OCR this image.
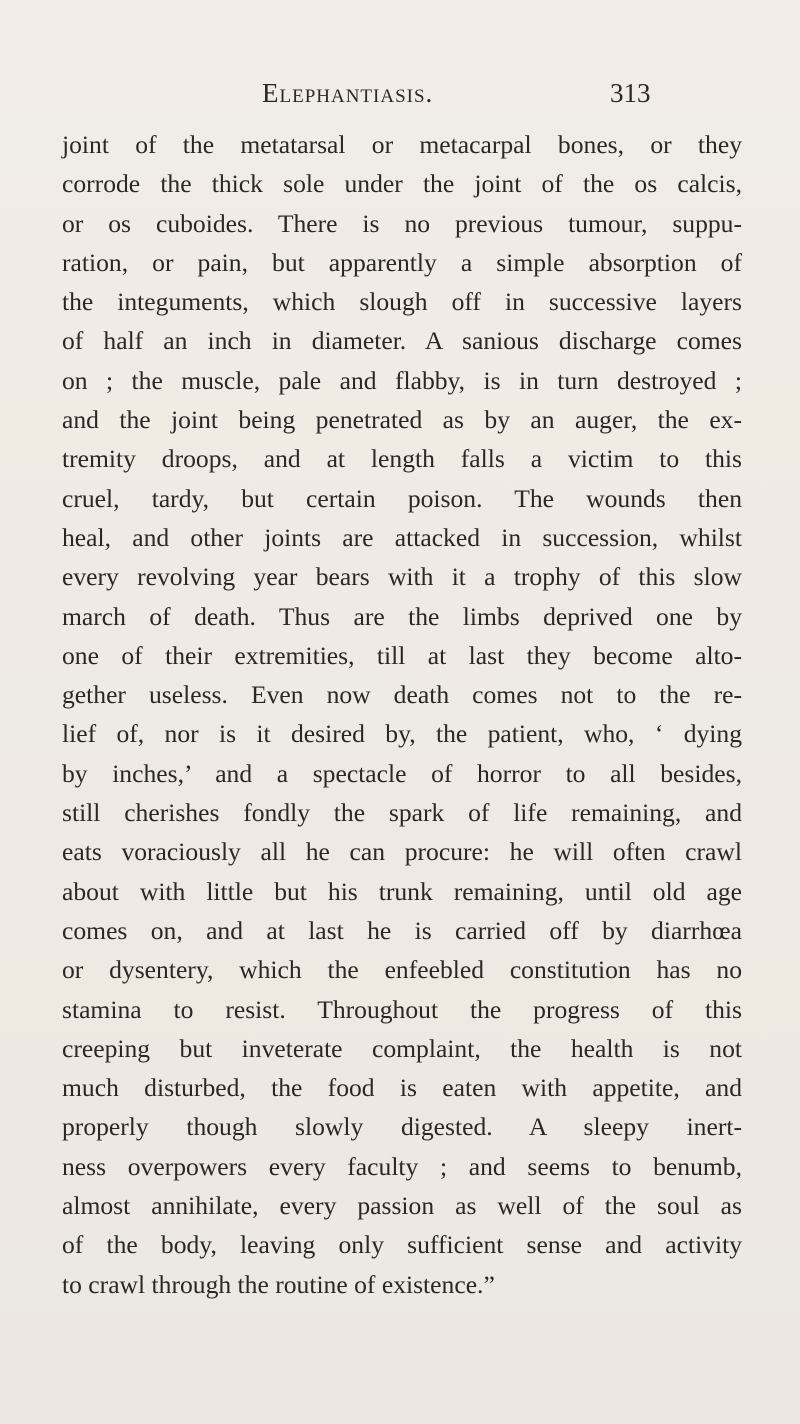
Elephantiasis.	313
joint of the metatarsal or metacarpal bones, or they
corrode the thick sole under the joint of the os calcis,
or os cuboides. There is no previous tumour, suppu-
ration, or pain, but apparently a simple absorption of
the integuments, which slough off in successive layers
of half an inch in diameter. A sanious discharge comes
on ; the muscle, pale and flabby, is in turn destroyed ;
and the joint being penetrated as by an auger, the ex-
tremity droops, and at length falls a victim to this
cruel, tardy, but certain poison. The wounds then
heal, and other joints are attacked in succession, whilst
every revolving year bears with it a trophy of this slow
march of death. Thus are the limbs deprived one by
one of their extremities, till at last they become alto-
gether useless. Even now death comes not to the re-
lief of, nor is it desired by, the patient, who, ‘ dying
by inches,’ and a spectacle of horror to all besides,
still cherishes fondly the spark of life remaining, and
eats voraciously all he can procure: he will often crawl
about with little but his trunk remaining, until old age
comes on, and at last he is carried off by diarrhœa
or dysentery, which the enfeebled constitution has no
stamina to resist. Throughout the progress of this
creeping but inveterate complaint, the health is not
much disturbed, the food is eaten with appetite, and
properly though slowly digested. A sleepy inert-
ness overpowers every faculty ; and seems to benumb,
almost annihilate, every passion as well of the soul as
of the body, leaving only sufficient sense and activity
to crawl through the routine of existence.”
